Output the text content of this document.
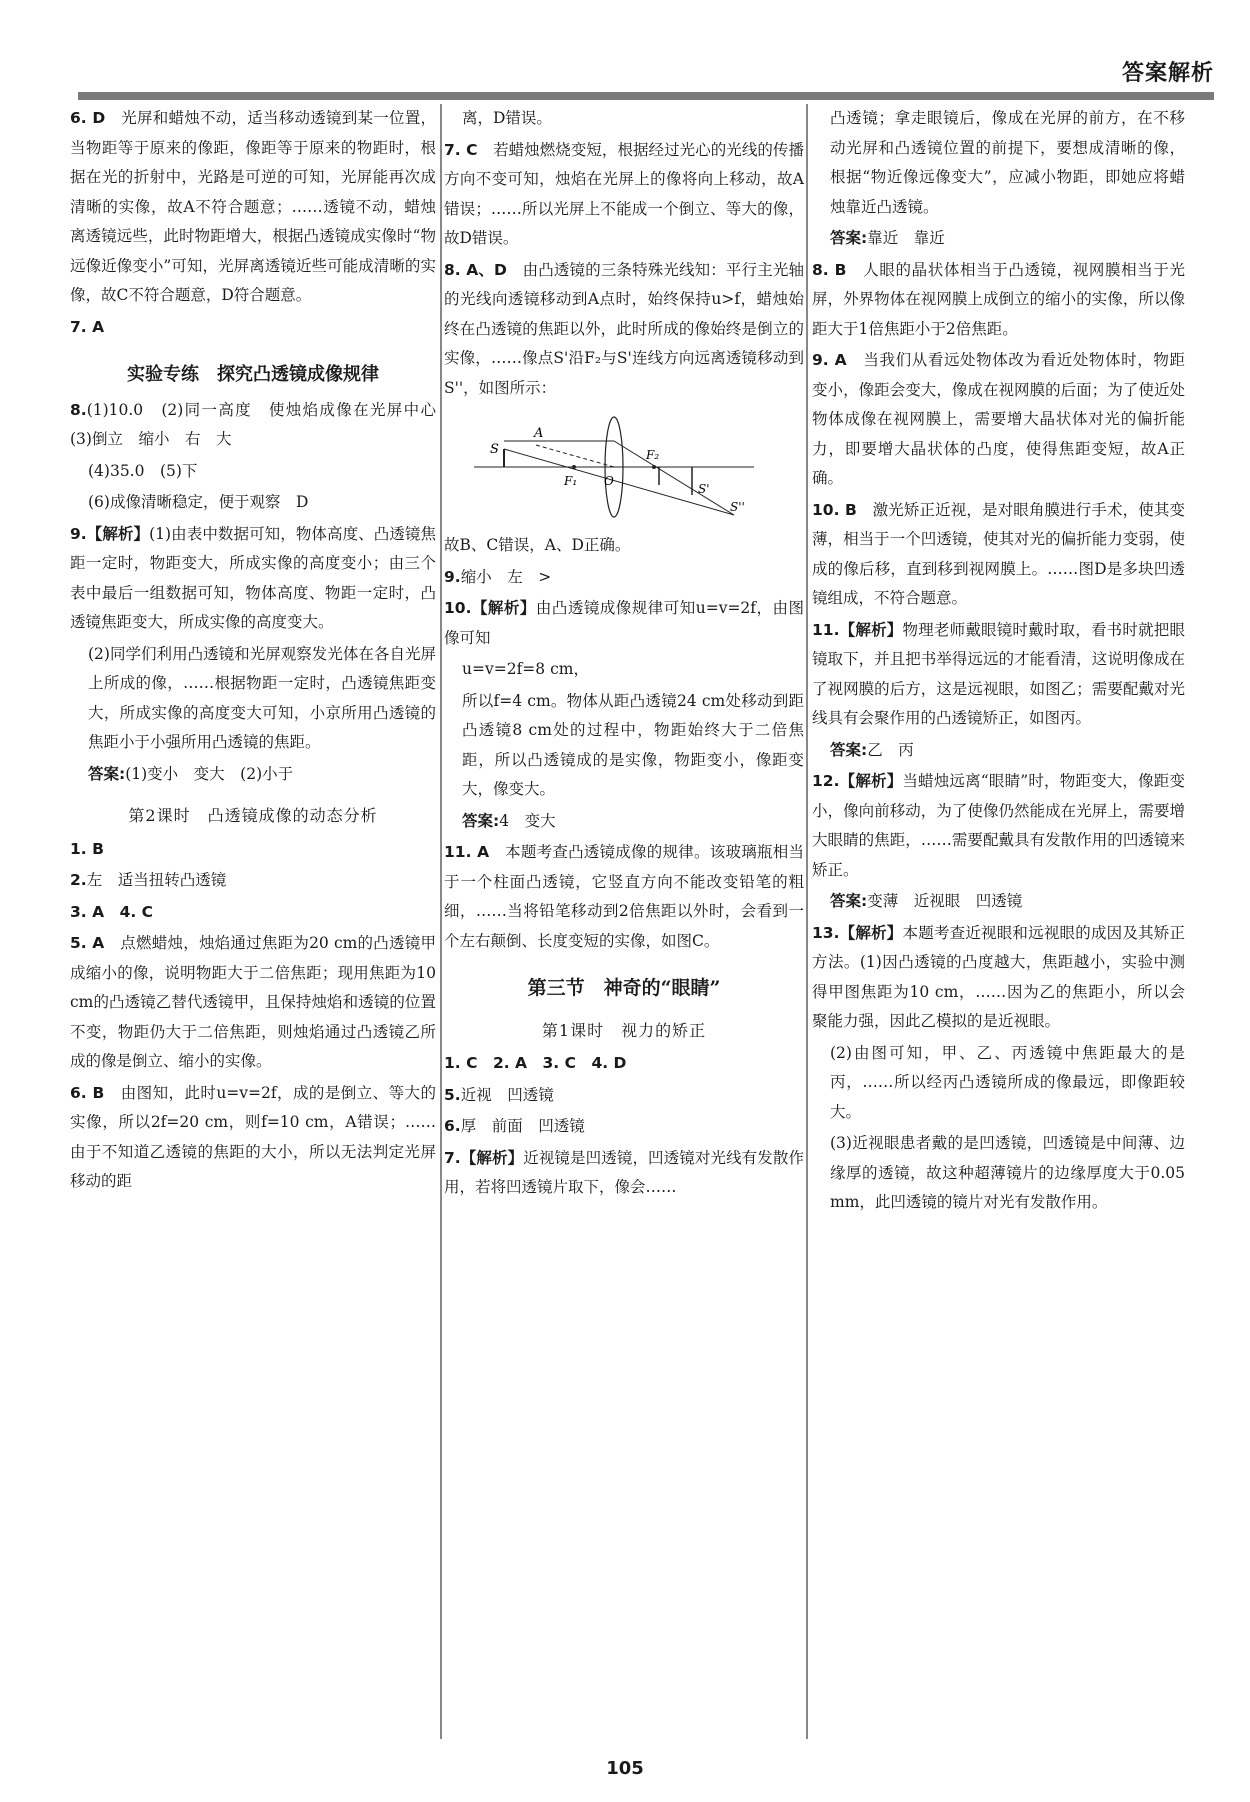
答案解析

6. D　 光屏和蜡烛不动，适当移动透镜到某一位置，当物距等于原来的像距，像距等于原来的物距时，根据在光的折射中，光路是可逆的可知，光屏能再次成清晰的实像，故A不符合题意；……透镜不动，蜡烛离透镜远些，此时物距增大，根据凸透镜成实像时“物远像近像变小”可知，光屏离透镜近些可能成清晰的实像，故C不符合题意，D符合题意。

7. A

实验专练　探究凸透镜成像规律

8.(1)10.0　(2)同一高度　使烛焰成像在光屏中心　(3)倒立　缩小　右　大

(4)35.0　(5)下

(6)成像清晰稳定，便于观察　D

9.【解析】(1)由表中数据可知，物体高度、凸透镜焦距一定时，物距变大，所成实像的高度变小；由三个表中最后一组数据可知，物体高度、物距一定时，凸透镜焦距变大，所成实像的高度变大。

(2)同学们利用凸透镜和光屏观察发光体在各自光屏上所成的像，……根据物距一定时，凸透镜焦距变大，所成实像的高度变大可知，小京所用凸透镜的焦距小于小强所用凸透镜的焦距。

答案:(1)变小　变大　(2)小于

第2课时　凸透镜成像的动态分析

1. B

2.左　适当扭转凸透镜

3. A　4. C

5. A　 点燃蜡烛，烛焰通过焦距为20 cm的凸透镜甲成缩小的像，说明物距大于二倍焦距；现用焦距为10 cm的凸透镜乙替代透镜甲，且保持烛焰和透镜的位置不变，物距仍大于二倍焦距，则烛焰通过凸透镜乙所成的像是倒立、缩小的实像。

6. B　 由图知，此时u=v=2f，成的是倒立、等大的实像，所以2f=20 cm，则f=10 cm，A错误；……由于不知道乙透镜的焦距的大小，所以无法判定光屏移动的距

离，D错误。

7. C　 若蜡烛燃烧变短，根据经过光心的光线的传播方向不变可知，烛焰在光屏上的像将向上移动，故A错误；……所以光屏上不能成一个倒立、等大的像，故D错误。

8. A、D　 由凸透镜的三条特殊光线知：平行主光轴的光线向透镜移动到A点时，始终保持u>f，蜡烛始终在凸透镜的焦距以外，此时所成的像始终是倒立的实像，……像点S'沿F₂与S'连线方向远离透镜移动到S''，如图所示：

S
A
F₁ O
F₂
S'
S''

故B、C错误，A、D正确。

9.缩小　左　>

10.【解析】由凸透镜成像规律可知u=v=2f，由图像可知

u=v=2f=8 cm，

所以f=4 cm。物体从距凸透镜24 cm处移动到距凸透镜8 cm处的过程中，物距始终大于二倍焦距，所以凸透镜成的是实像，物距变小，像距变大，像变大。

答案:4　变大

11. A　 本题考查凸透镜成像的规律。该玻璃瓶相当于一个柱面凸透镜，它竖直方向不能改变铅笔的粗细，……当将铅笔移动到2倍焦距以外时，会看到一个左右颠倒、长度变短的实像，如图C。

第三节　神奇的“眼睛”
第1课时　视力的矫正

1. C　2. A　3. C　4. D

5.近视　凹透镜

6.厚　前面　凹透镜

7.【解析】近视镜是凹透镜，凹透镜对光线有发散作用，若将凹透镜片取下，像会……

凸透镜；拿走眼镜后，像成在光屏的前方，在不移动光屏和凸透镜位置的前提下，要想成清晰的像，根据“物近像远像变大”，应减小物距，即她应将蜡烛靠近凸透镜。

答案:靠近　靠近

8. B　 人眼的晶状体相当于凸透镜，视网膜相当于光屏，外界物体在视网膜上成倒立的缩小的实像，所以像距大于1倍焦距小于2倍焦距。

9. A　 当我们从看远处物体改为看近处物体时，物距变小，像距会变大，像成在视网膜的后面；为了使近处物体成像在视网膜上，需要增大晶状体对光的偏折能力，即要增大晶状体的凸度，使得焦距变短，故A正确。

10. B　 激光矫正近视，是对眼角膜进行手术，使其变薄，相当于一个凹透镜，使其对光的偏折能力变弱，使成的像后移，直到移到视网膜上。……图D是多块凹透镜组成，不符合题意。

11.【解析】物理老师戴眼镜时戴时取，看书时就把眼镜取下，并且把书举得远远的才能看清，这说明像成在了视网膜的后方，这是远视眼，如图乙；需要配戴对光线具有会聚作用的凸透镜矫正，如图丙。

答案:乙　丙

12.【解析】当蜡烛远离“眼睛”时，物距变大，像距变小，像向前移动，为了使像仍然能成在光屏上，需要增大眼睛的焦距，……需要配戴具有发散作用的凹透镜来矫正。

答案:变薄　近视眼　凹透镜

13.【解析】本题考查近视眼和远视眼的成因及其矫正方法。(1)因凸透镜的凸度越大，焦距越小，实验中测得甲图焦距为10 cm，……因为乙的焦距小，所以会聚能力强，因此乙模拟的是近视眼。

(2)由图可知，甲、乙、丙透镜中焦距最大的是丙，……所以经丙凸透镜所成的像最远，即像距较大。

(3)近视眼患者戴的是凹透镜，凹透镜是中间薄、边缘厚的透镜，故这种超薄镜片的边缘厚度大于0.05 mm，此凹透镜的镜片对光有发散作用。

105
